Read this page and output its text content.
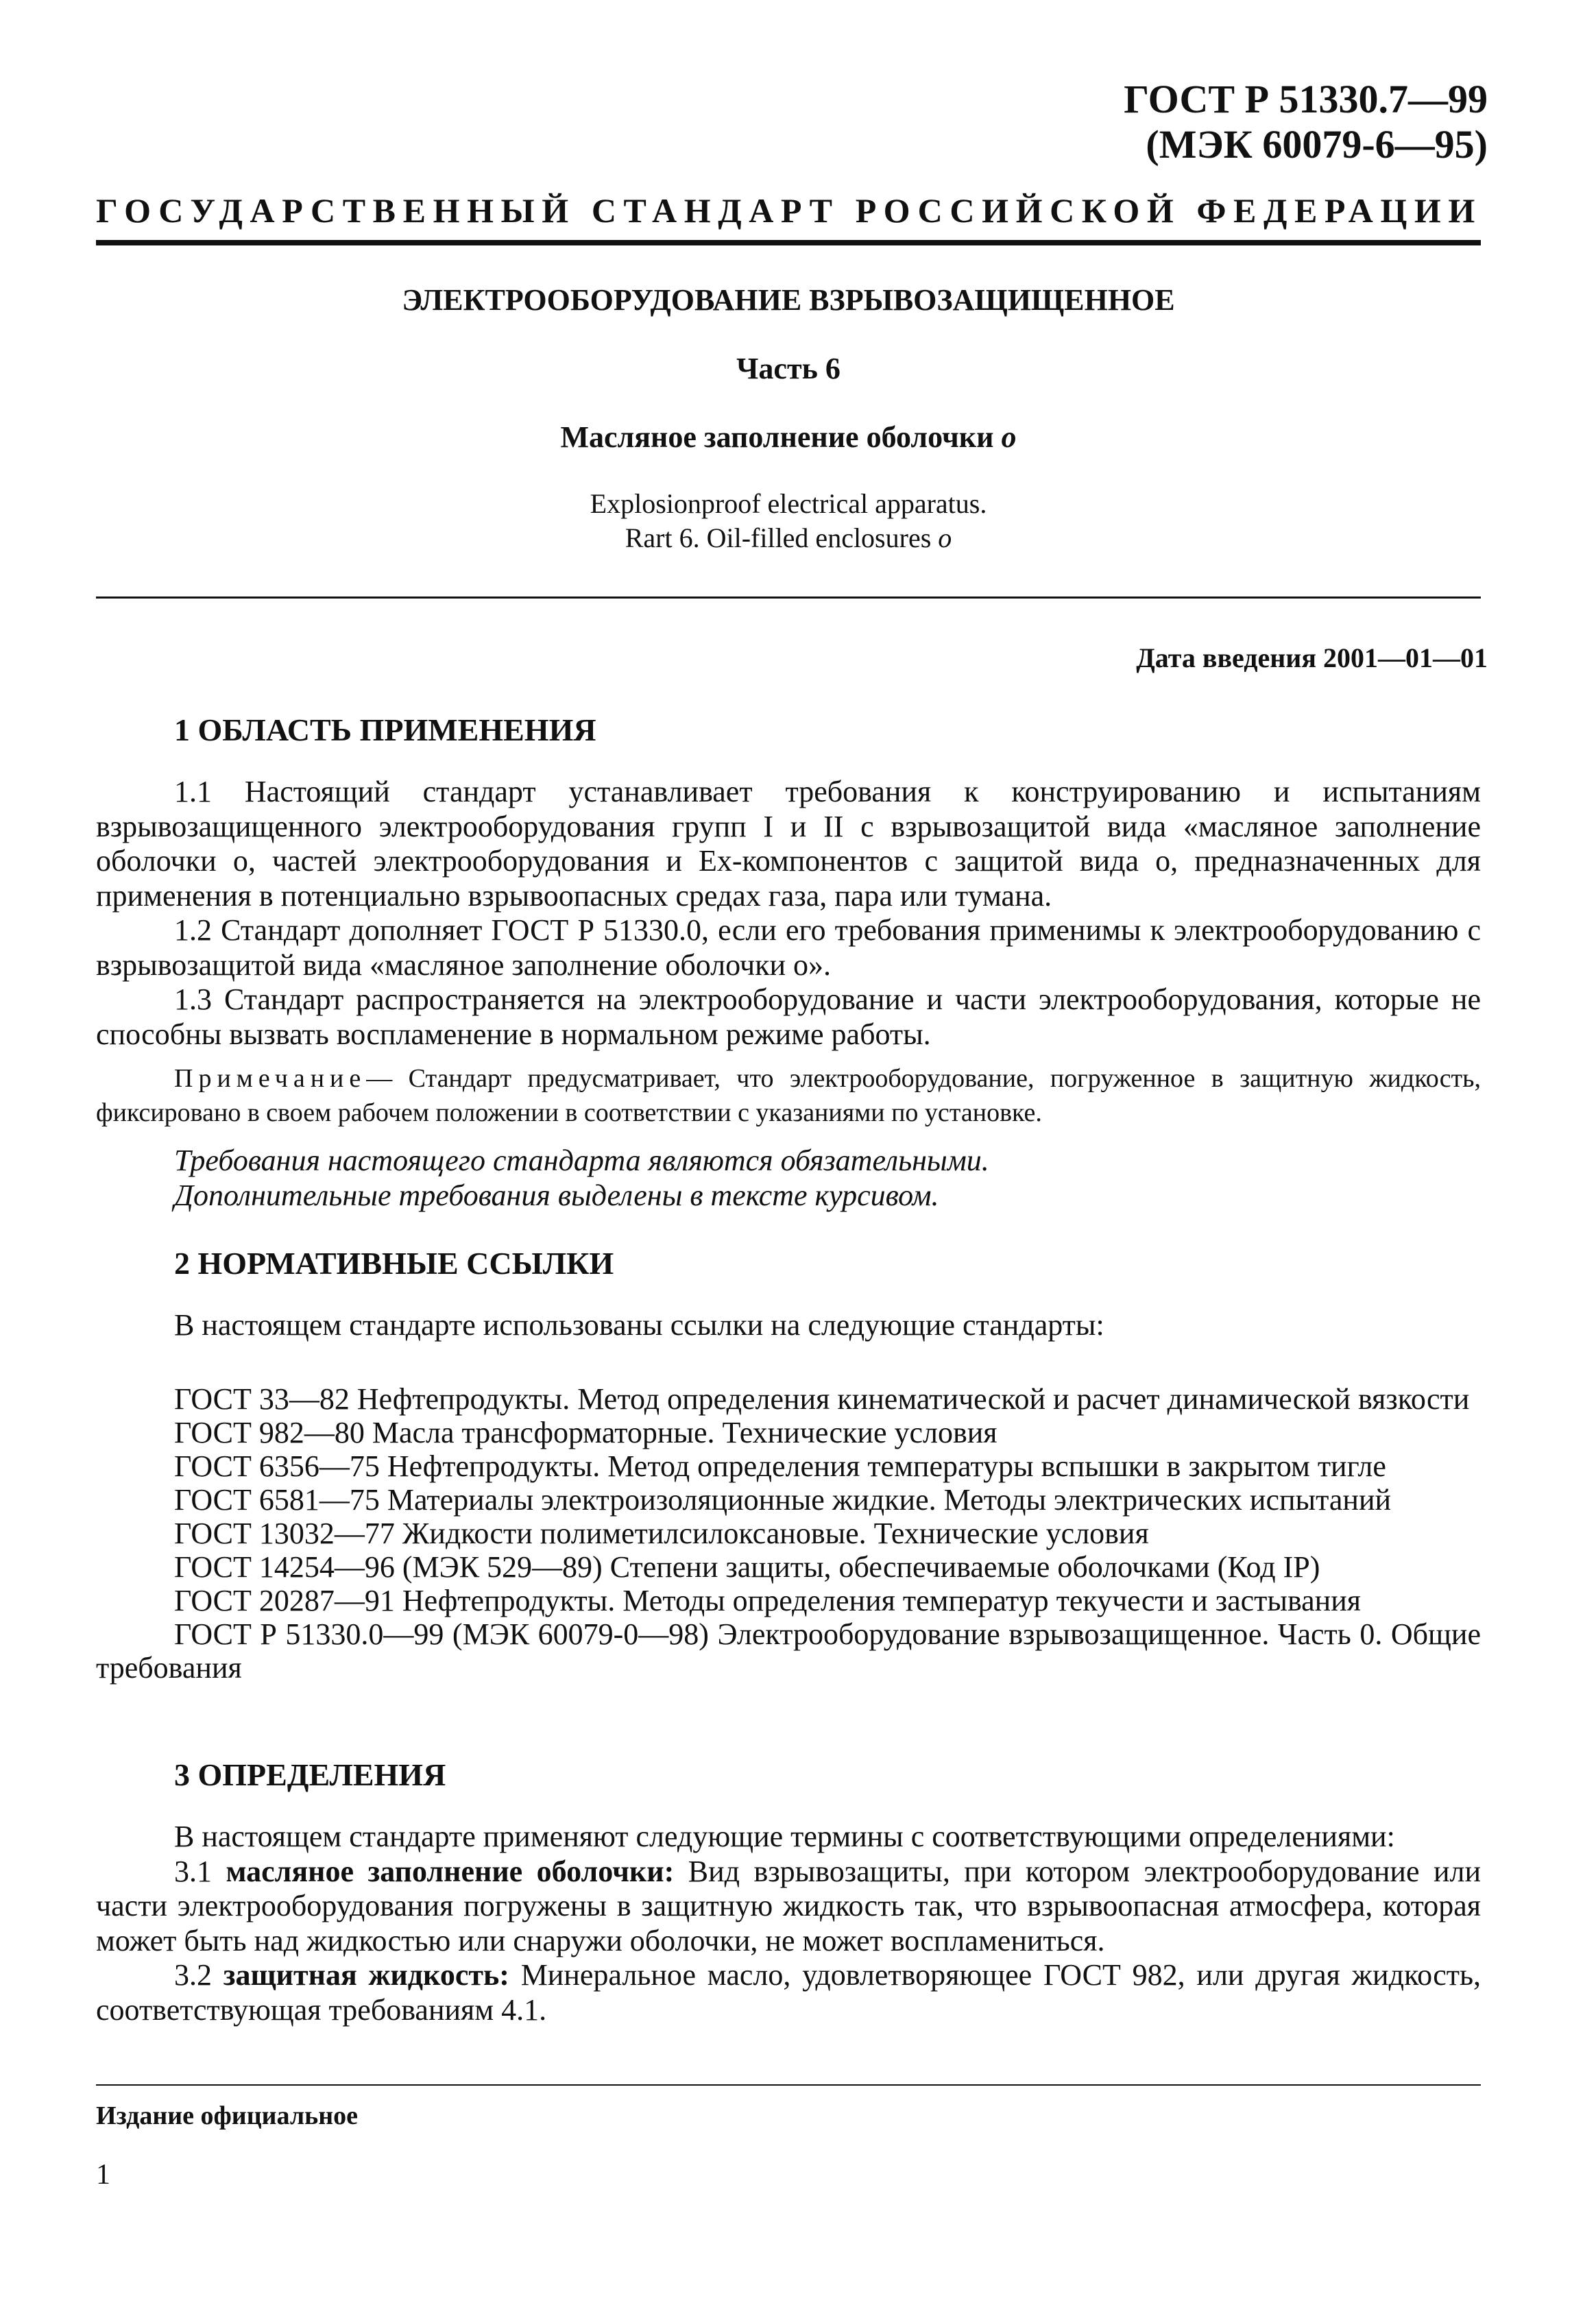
ГОСТ Р 51330.7—99
(МЭК 60079-6—95)
ГОСУДАРСТВЕННЫЙ СТАНДАРТ РОССИЙСКОЙ ФЕДЕРАЦИИ
ЭЛЕКТРООБОРУДОВАНИЕ ВЗРЫВОЗАЩИЩЕННОЕ
Часть 6
Масляное заполнение оболочки o
Explosionproof electrical apparatus.
Rart 6. Oil-filled enclosures o
Дата введения 2001—01—01
1 ОБЛАСТЬ ПРИМЕНЕНИЯ

1.1 Настоящий стандарт устанавливает требования к конструированию и испытаниям взрывозащищенного электрооборудования групп I и II с взрывозащитой вида «масляное заполнение оболочки o, частей электрооборудования и Ex-компонентов с защитой вида o, предназначенных для применения в потенциально взрывоопасных средах газа, пара или тумана.

1.2 Стандарт дополняет ГОСТ Р 51330.0, если его требования применимы к электрооборудованию с взрывозащитой вида «масляное заполнение оболочки o».

1.3 Стандарт распространяется на электрооборудование и части электрооборудования, которые не способны вызвать воспламенение в нормальном режиме работы.

Примечание— Стандарт предусматривает, что электрооборудование, погруженное в защитную жидкость, фиксировано в своем рабочем положении в соответствии с указаниями по установке.

Требования настоящего стандарта являются обязательными.

Дополнительные требования выделены в тексте курсивом.

2 НОРМАТИВНЫЕ ССЫЛКИ
В настоящем стандарте использованы ссылки на следующие стандарты:

ГОСТ 33—82 Нефтепродукты. Метод определения кинематической и расчет динамической вязкости

ГОСТ 982—80 Масла трансформаторные. Технические условия

ГОСТ 6356—75 Нефтепродукты. Метод определения температуры вспышки в закрытом тигле

ГОСТ 6581—75 Материалы электроизоляционные жидкие. Методы электрических испытаний

ГОСТ 13032—77 Жидкости полиметилсилоксановые. Технические условия

ГОСТ 14254—96 (МЭК 529—89) Степени защиты, обеспечиваемые оболочками (Код IP)

ГОСТ 20287—91 Нефтепродукты. Методы определения температур текучести и застывания

ГОСТ Р 51330.0—99 (МЭК 60079-0—98) Электрооборудование взрывозащищенное. Часть 0. Общие требования

3 ОПРЕДЕЛЕНИЯ

В настоящем стандарте применяют следующие термины с соответствующими определениями:

3.1 масляное заполнение оболочки: Вид взрывозащиты, при котором электрооборудование или части электрооборудования погружены в защитную жидкость так, что взрывоопасная атмосфера, которая может быть над жидкостью или снаружи оболочки, не может воспламениться.

3.2 защитная жидкость: Минеральное масло, удовлетворяющее ГОСТ 982, или другая жидкость, соответствующая требованиям 4.1.

Издание официальное
1
